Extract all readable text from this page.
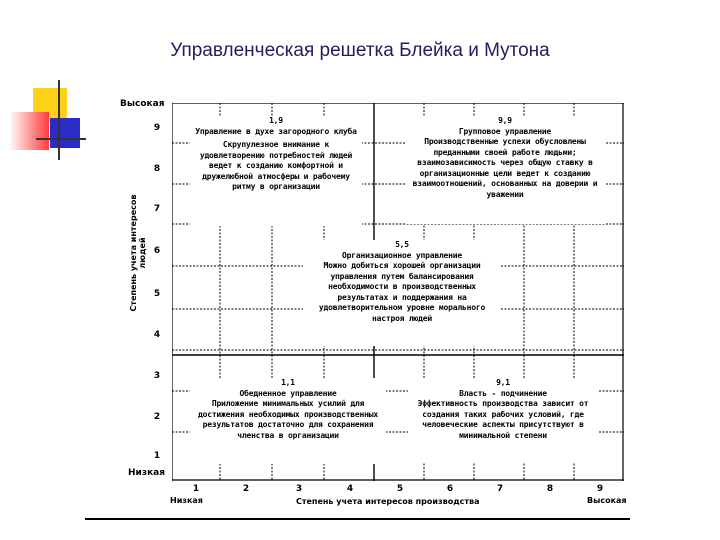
Управленческая решетка Блейка и Мутона
Высокая
Низкая
Степень учета интересов людей
9
8
7
6
5
4
3
2
1
1,9
Управление в духе загородного клуба
Скрупулезное внимание к удовлетворению потребностей людей ведет к созданию комфортной и дружелюбной атмосферы и рабочему ритму в организации
9,9
Групповое управление
Производственные успехи обусловлены преданными своей работе людьми; взаимозависимость через общую ставку в организационные цели ведет к созданию взаимоотношений, основанных на доверии и уважении
5,5
Организационное управление
Можно добиться хорошей организации управления путем балансирования необходимости в производственных результатах и поддержания на удовлетворительном уровне морального настроя людей
1,1
Обедненное управление
Приложение минимальных усилий для достижения необходимых производственных результатов достаточно для сохранения членства в организации
9,1
Власть - подчинение
Эффективность производства зависит от создания таких рабочих условий, где человеческие аспекты присутствуют в минимальной степени
1	2	3	4	5	6	7	8	9
Низкая	Степень учета интересов производства	Высокая
